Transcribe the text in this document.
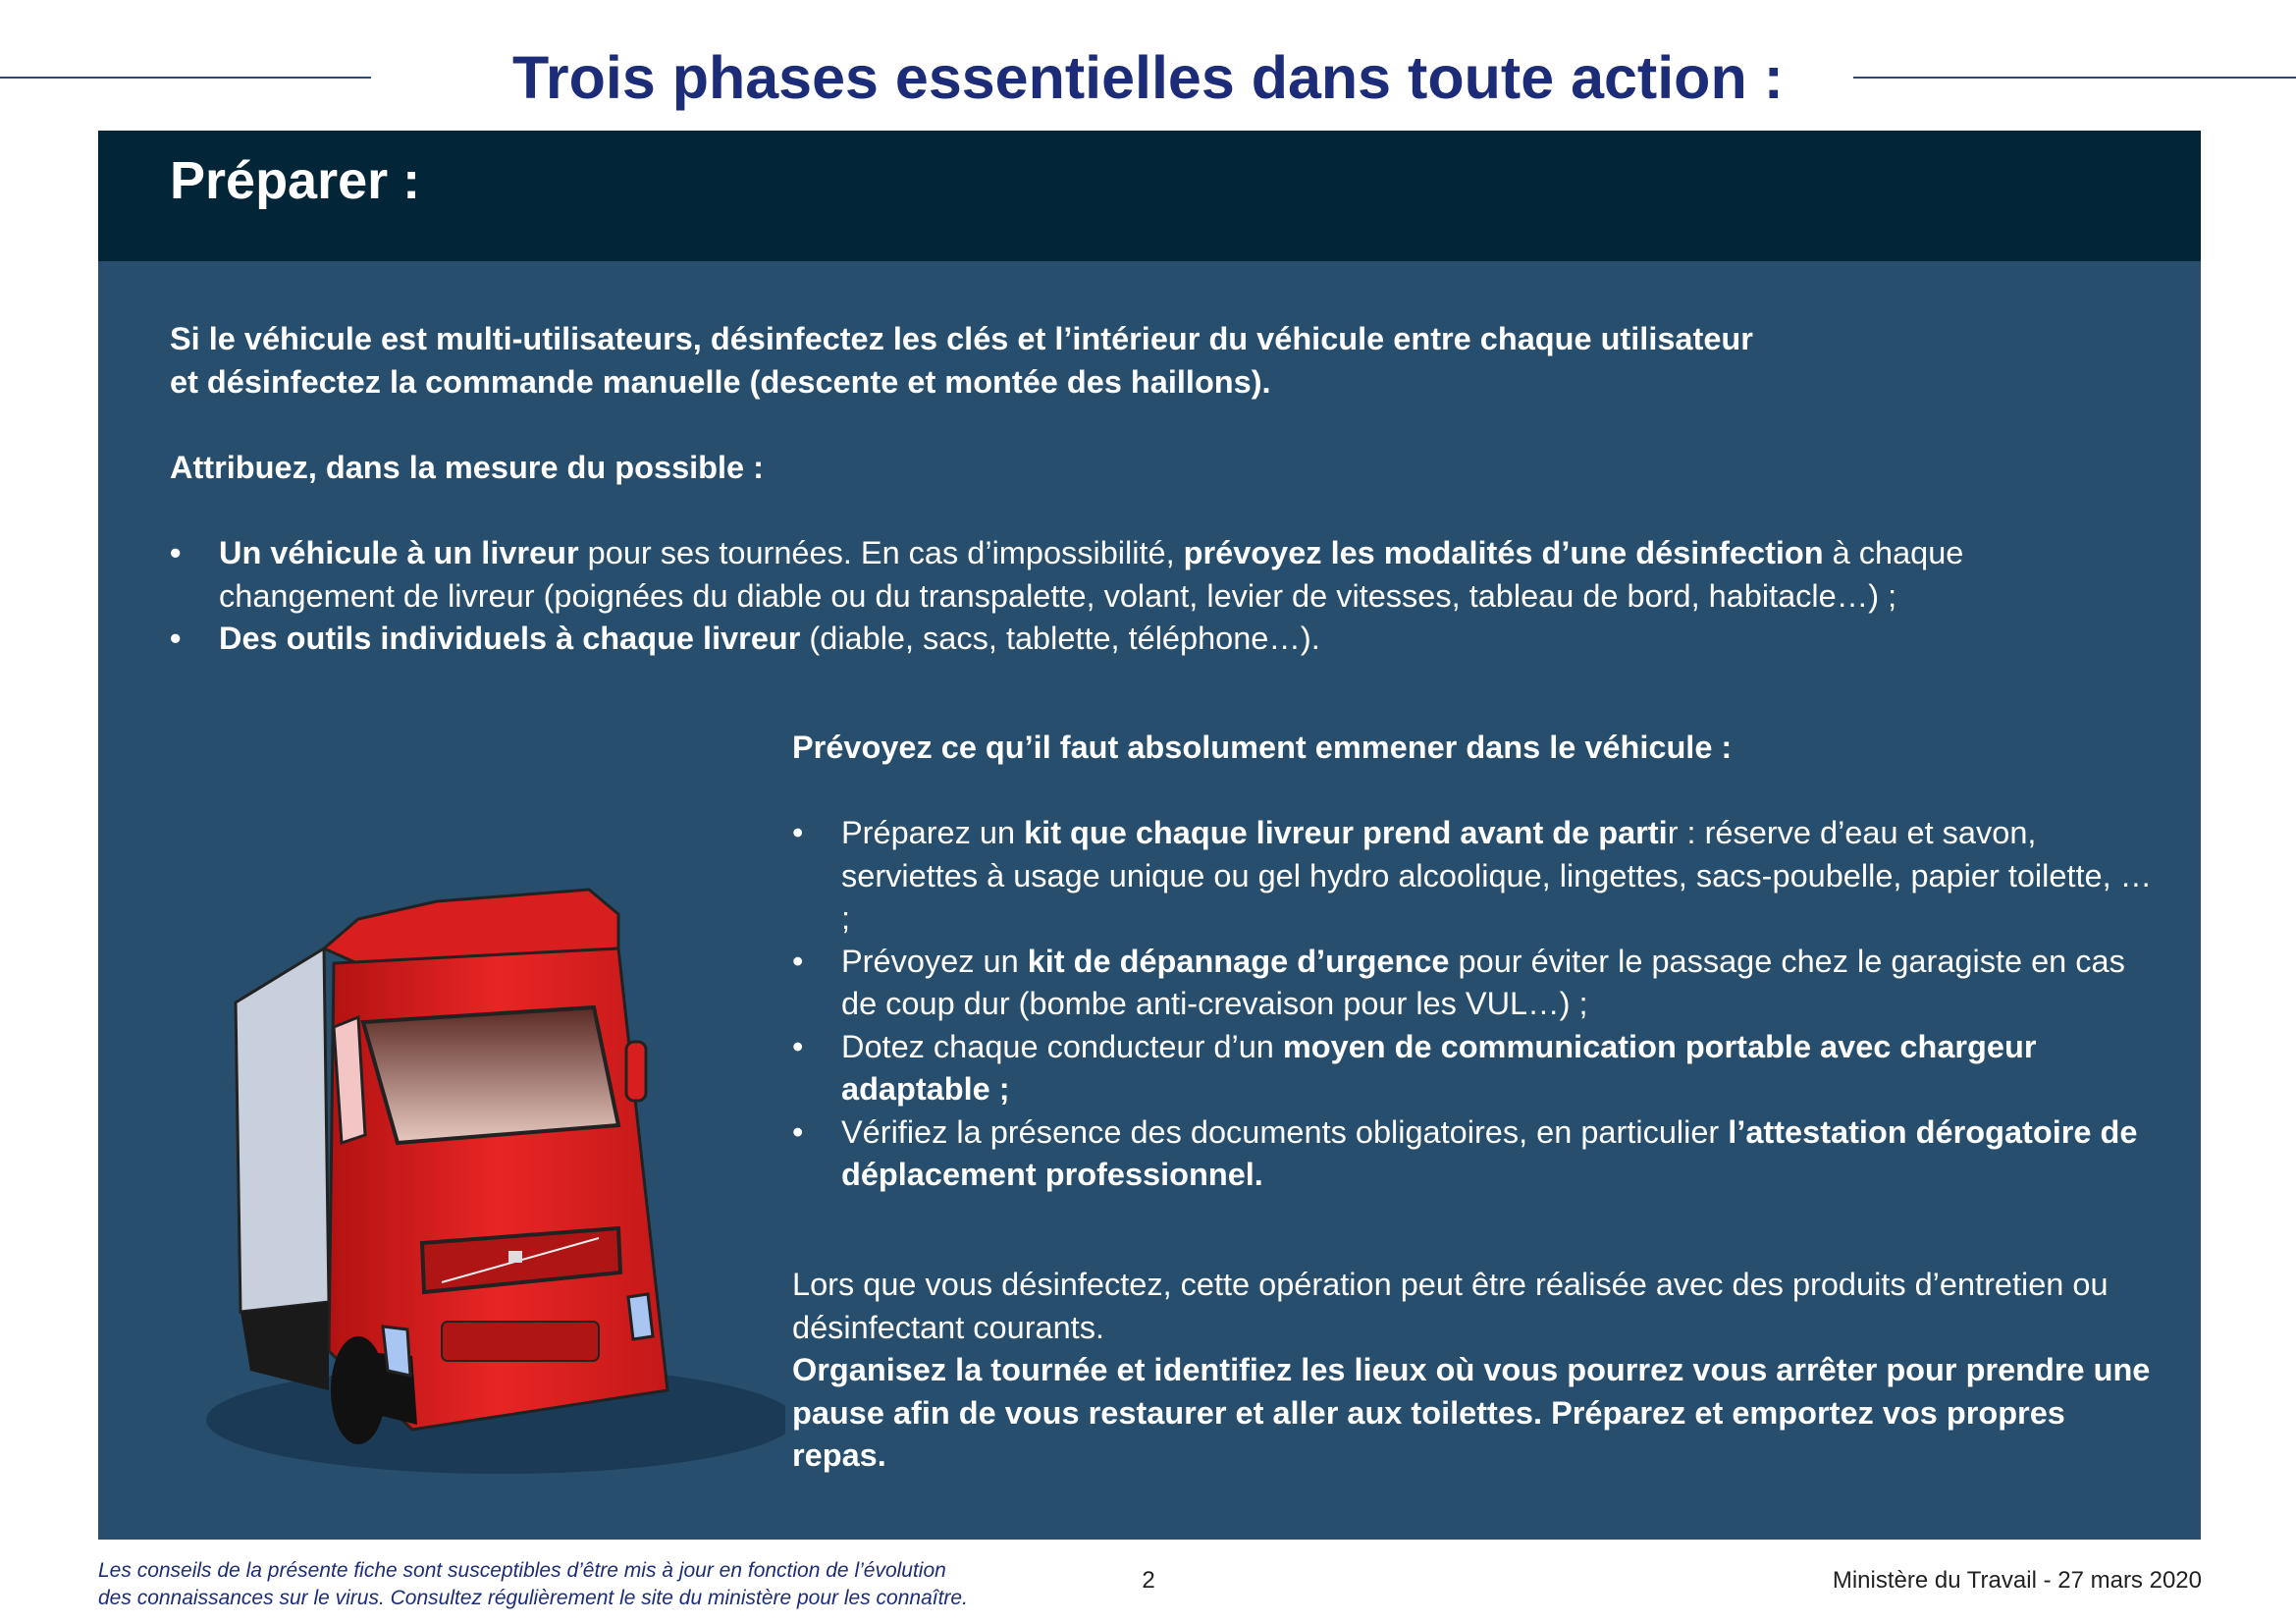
Trois phases essentielles dans toute action :
Préparer :

Si le véhicule est multi-utilisateurs, désinfectez les clés et l’intérieur du véhicule entre chaque utilisateur

et désinfectez la commande manuelle (descente et montée des haillons).

Attribuez, dans la mesure du possible :
• Un véhicule à un livreur pour ses tournées. En cas d’impossibilité, prévoyez les modalités d’une désinfection à chaque changement de livreur (poignées du diable ou du transpalette, volant, levier de vitesses, tableau de bord, habitacle…) ;
• Des outils individuels à chaque livreur (diable, sacs, tablette, téléphone…).
Prévoyez ce qu’il faut absolument emmener dans le véhicule :
• Préparez un kit que chaque livreur prend avant de partir : réserve d’eau et savon, serviettes à usage unique ou gel hydro alcoolique, lingettes, sacs-poubelle, papier toilette, … ;
• Prévoyez un kit de dépannage d’urgence pour éviter le passage chez le garagiste en cas de coup dur (bombe anti-crevaison pour les VUL…) ;
• Dotez chaque conducteur d’un moyen de communication portable avec chargeur adaptable ;
• Vérifiez la présence des documents obligatoires, en particulier l’attestation dérogatoire de déplacement professionnel.
Lors que vous désinfectez, cette opération peut être réalisée avec des produits d’entretien ou désinfectant courants.
Organisez la tournée et identifiez les lieux où vous pourrez vous arrêter pour prendre une pause afin de vous restaurer et aller aux toilettes. Préparez et emportez vos propres repas.
Les conseils de la présente fiche sont susceptibles d’être mis à jour en fonction de l’évolution
des connaissances sur le virus. Consultez régulièrement le site du ministère pour les connaître.
2	Ministère du Travail - 27 mars 2020
